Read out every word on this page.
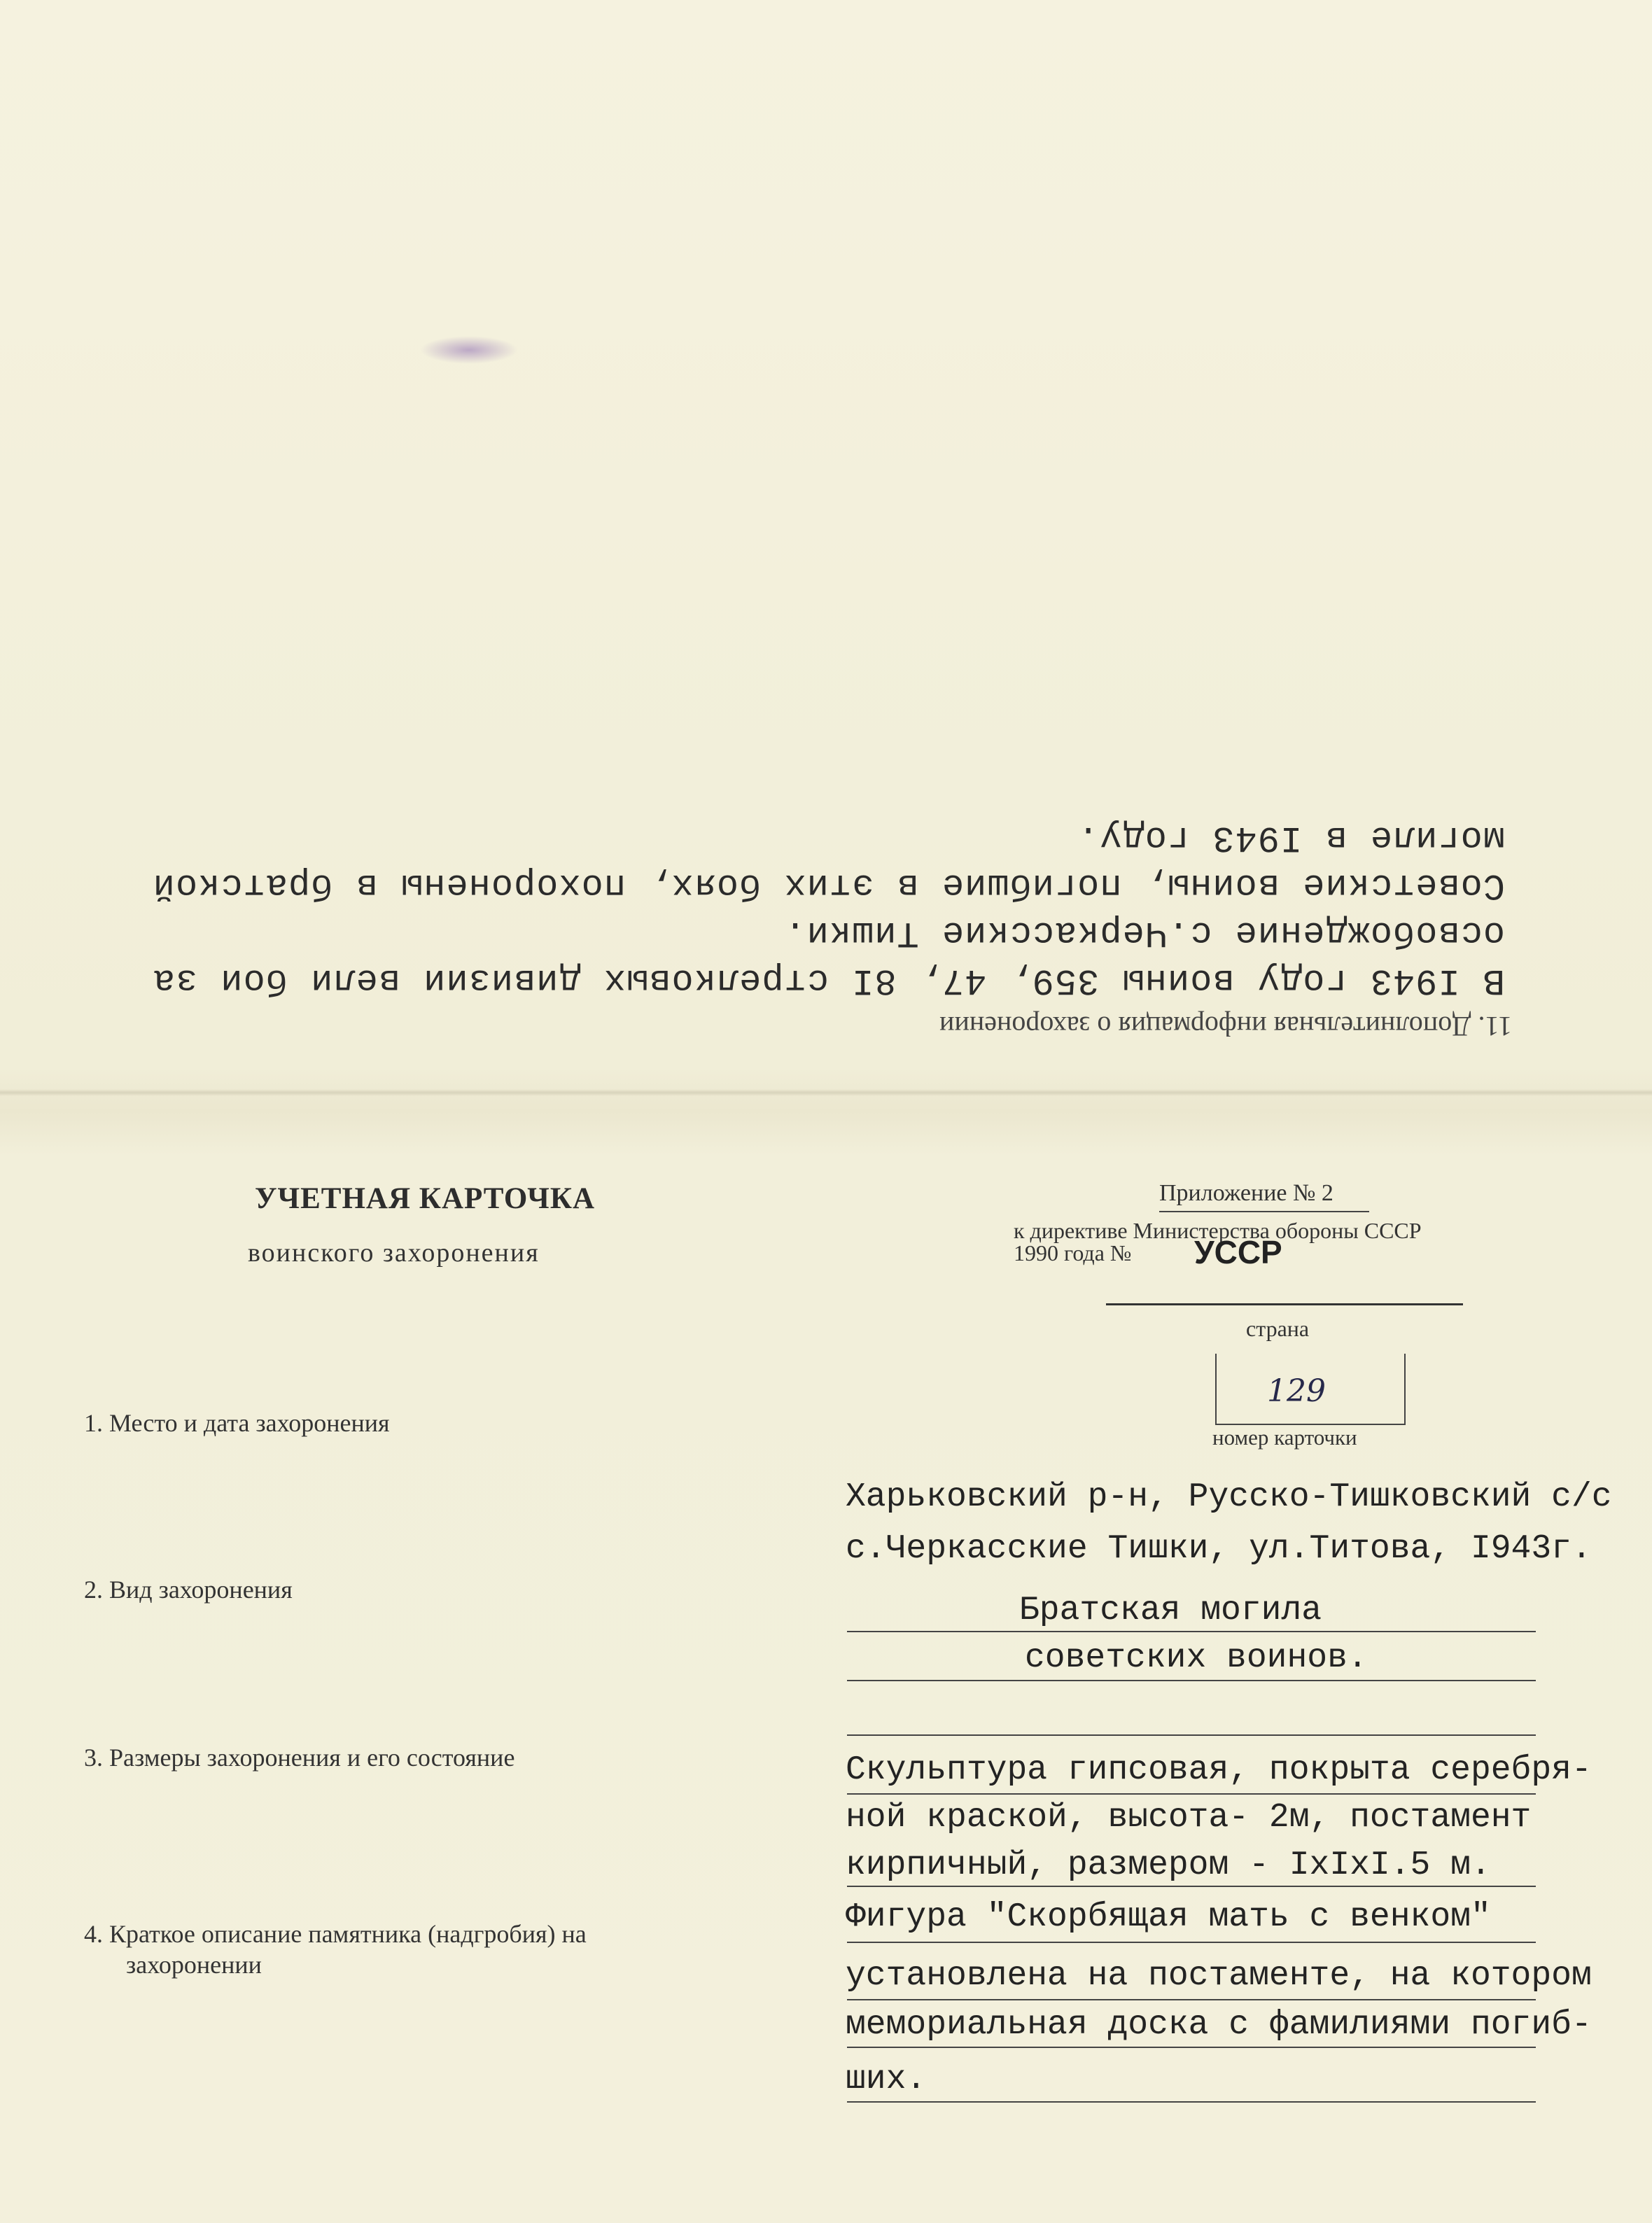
11. Дополнительная информация о захоронении
В I943 году воины 359, 47, 8I стрелковых дивизии вели бои за
освобождение с.Черкасские Тишки.
Советские воины, погибшие в этих боях, похоронены в братской
могиле в I943 году.
УЧЕТНАЯ КАРТОЧКА
воинского захоронения
Приложение № 2
к директиве Министерства обороны СССР
1990 года № УССР
страна
129
номер карточки
1. Место и дата захоронения
Харьковский р-н, Русско-Тишковский с/с
с.Черкасские Тишки, ул.Титова, I943г.
2. Вид захоронения
Братская могила
советских воинов.
3. Размеры захоронения и его состояние
4. Краткое описание памятника (надгробия) на
захоронении
Скульптура гипсовая, покрыта серебря-
ной краской, высота- 2м, постамент
кирпичный, размером - IxIxI.5 м.
Фигура "Скорбящая мать с венком"
установлена на постаменте, на котором
мемориальная доска с фамилиями погиб-
ших.
